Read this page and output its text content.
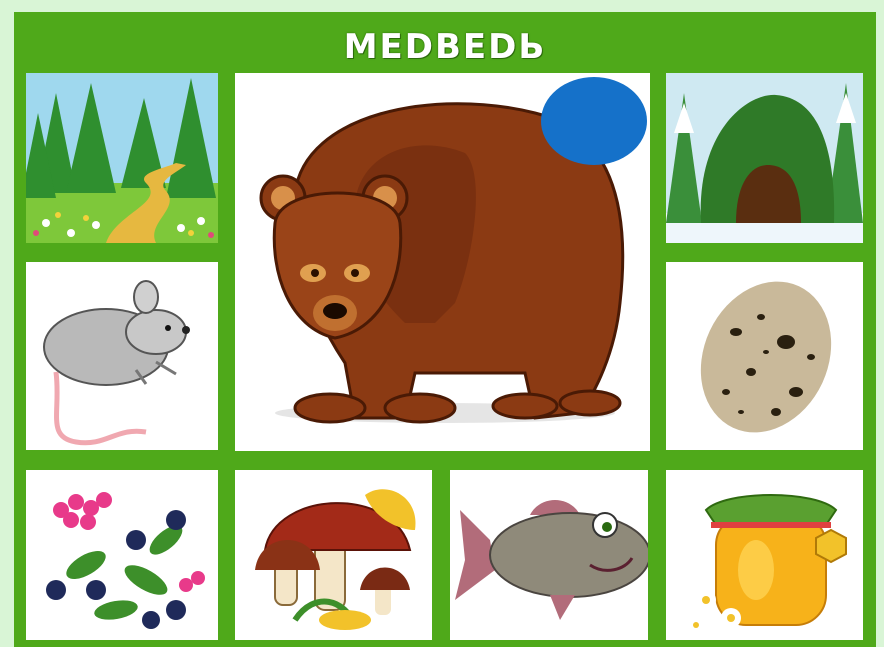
МЕDВЕDЬ
